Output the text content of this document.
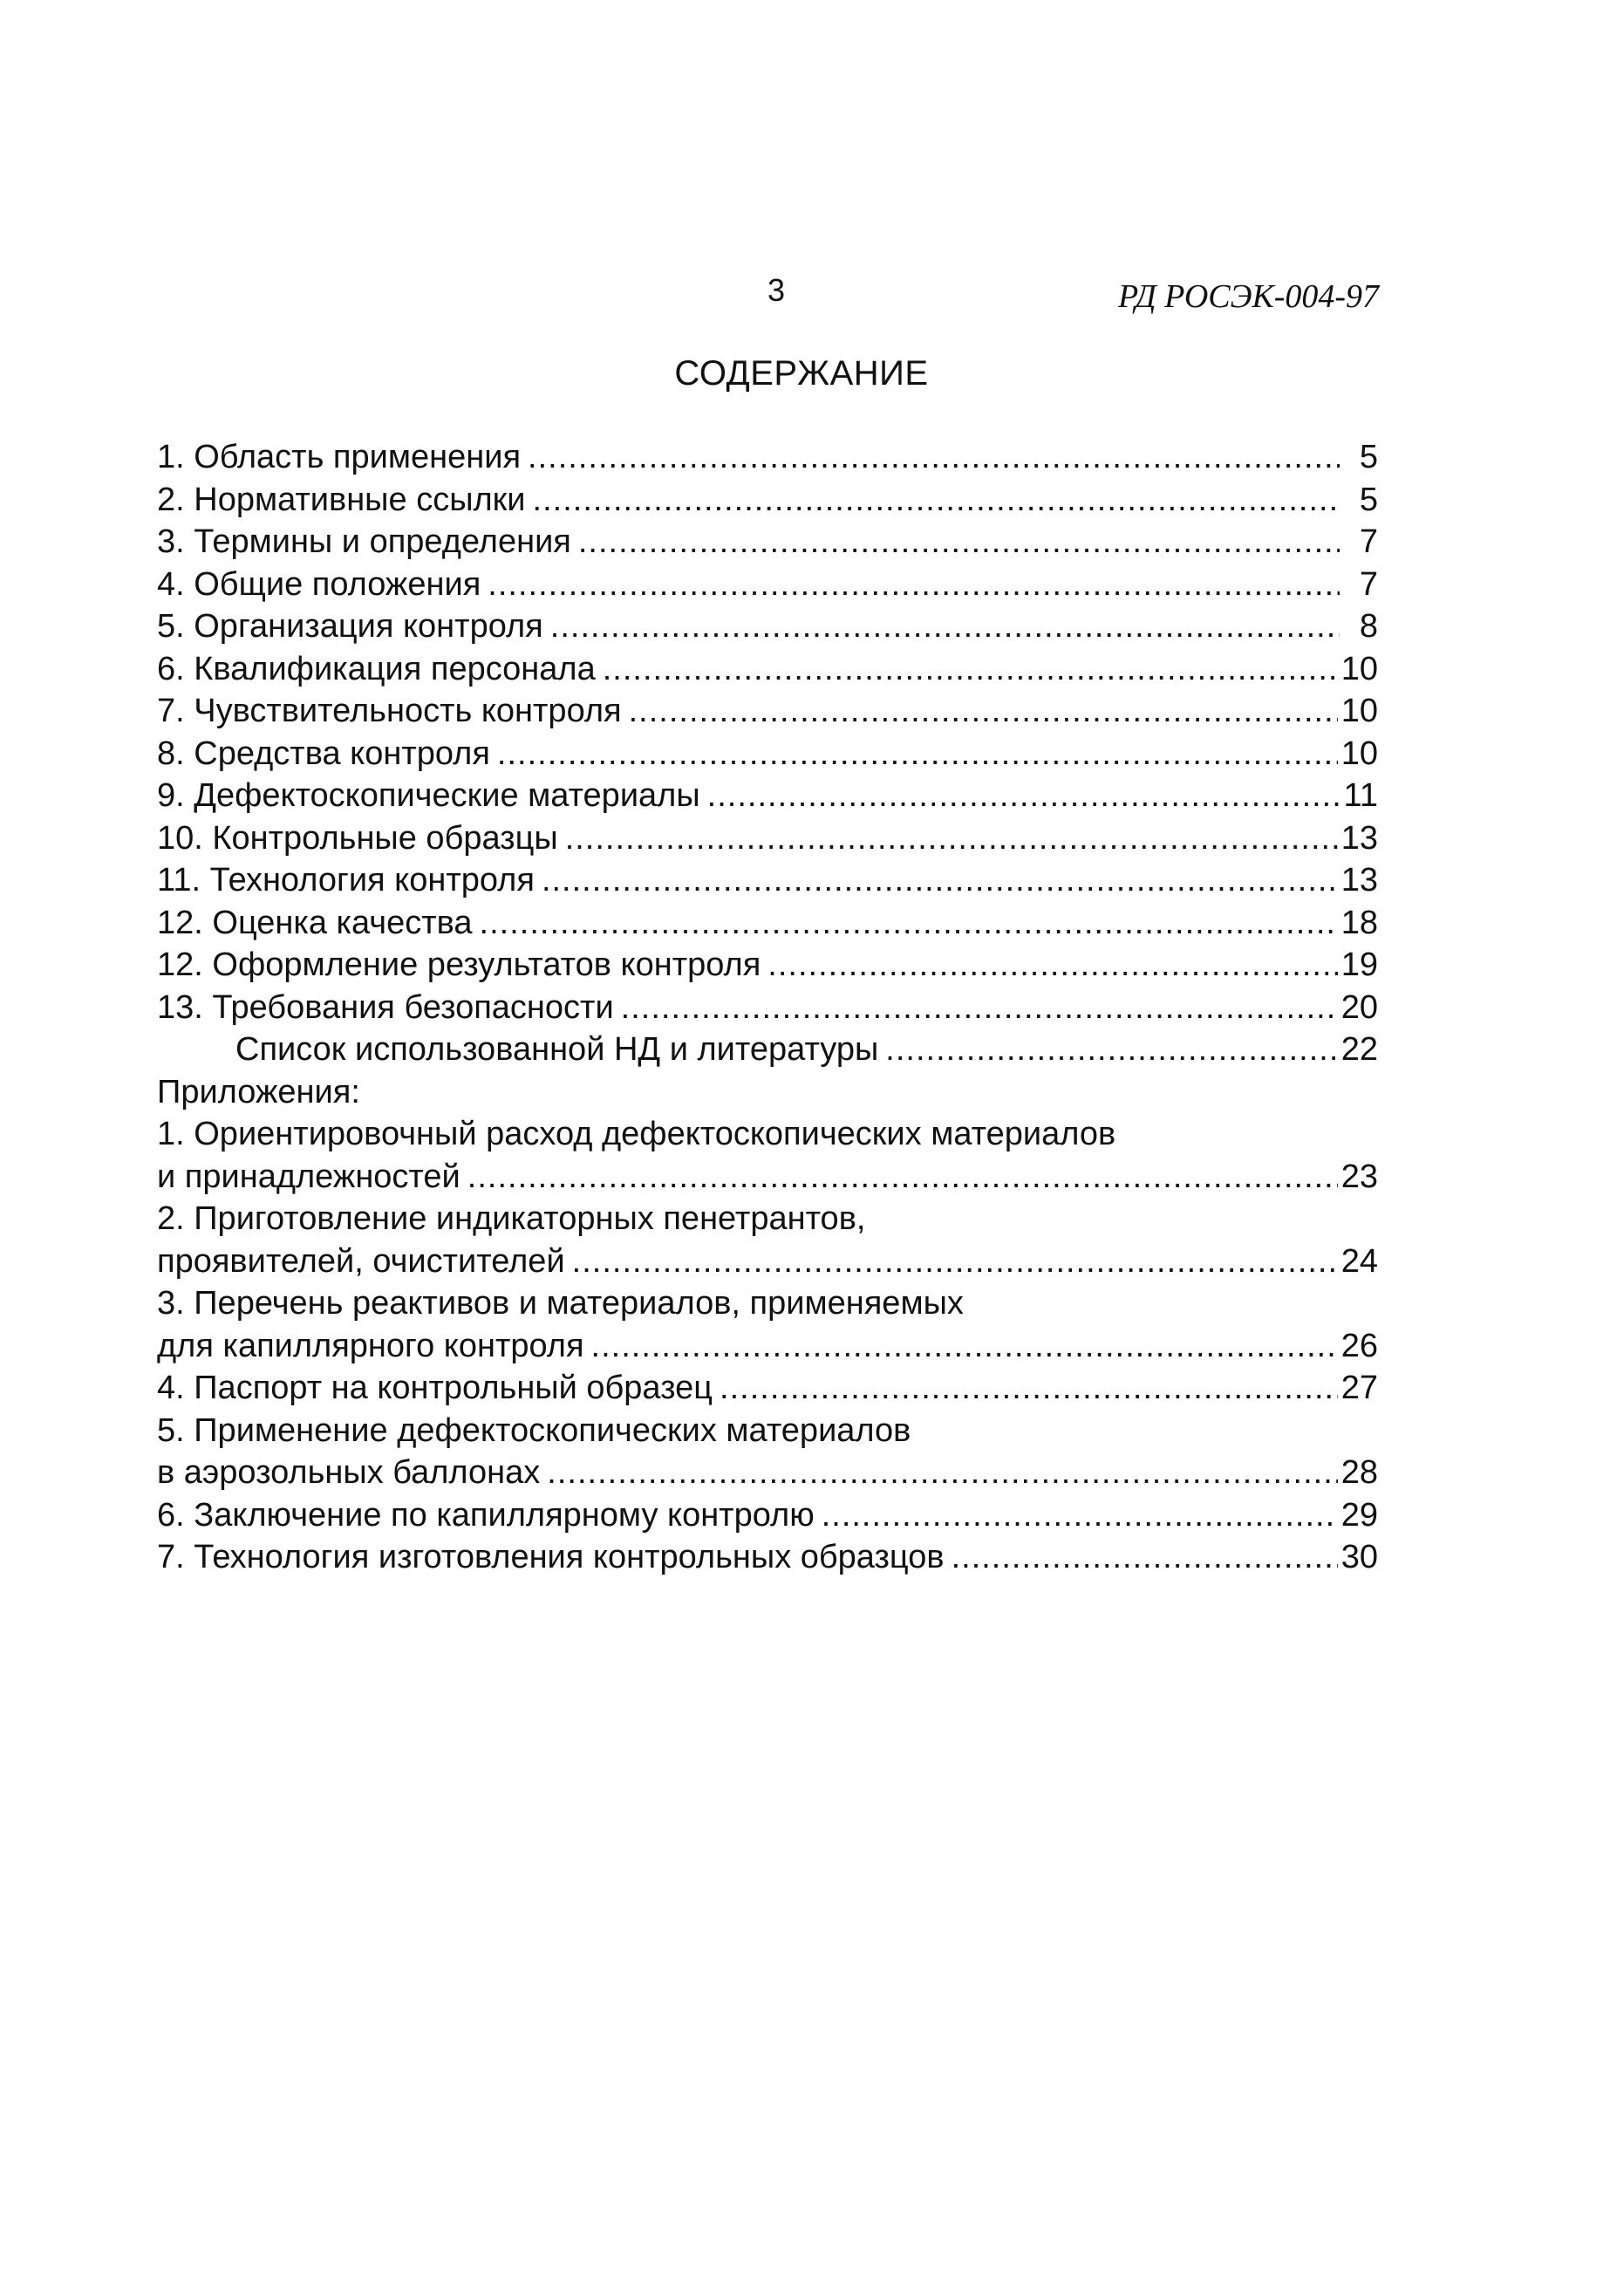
3	РД РОСЭК-004-97
СОДЕРЖАНИЕ
1. Область применения .....	5
2. Нормативные ссылки .....	5
3. Термины и определения .....	7
4. Общие положения .....	7
5. Организация контроля .....	8
6. Квалификация персонала .....	10
7. Чувствительность контроля .....	10
8. Средства контроля .....	10
9. Дефектоскопические материалы .....	11
10. Контрольные образцы .....	13
11. Технология контроля .....	13
12. Оценка качества .....	18
12. Оформление результатов контроля .....	19
13. Требования безопасности .....	20
Список использованной НД и литературы .....	22
Приложения:
1. Ориентировочный расход дефектоскопических материалов
и принадлежностей .....	23
2. Приготовление индикаторных пенетрантов,
проявителей, очистителей .....	24
3. Перечень реактивов и материалов, применяемых
для капиллярного контроля .....	26
4. Паспорт на контрольный образец .....	27
5. Применение дефектоскопических материалов
в аэрозольных баллонах .....	28
6. Заключение по капиллярному контролю .....	29
7. Технология изготовления контрольных образцов .....	30
